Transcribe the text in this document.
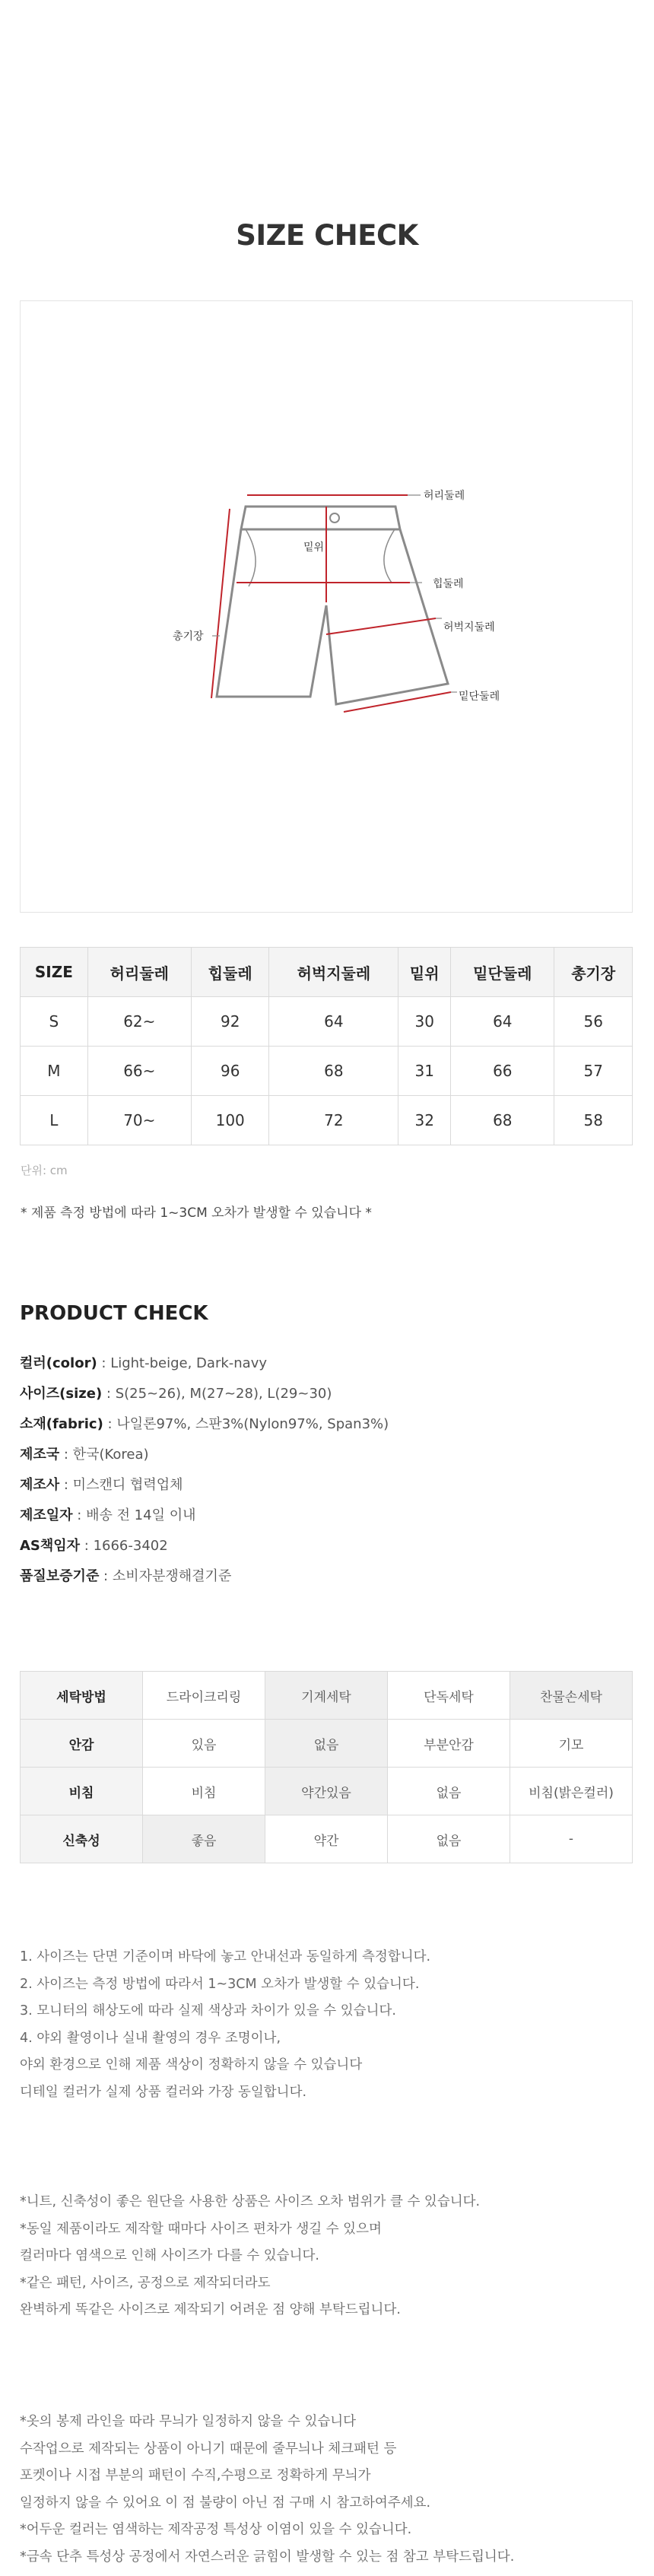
SIZE CHECK
허리둘레
밑위
힙둘레
허벅지둘레
밑단둘레
총기장
SIZE	허리둘레	힙둘레	허벅지둘레	밑위	밑단둘레	총기장
S	62~	92	64	30	64	56
M	66~	96	68	31	66	57
L	70~	100	72	32	68	58
단위: cm
* 제품 측정 방법에 따라 1~3CM 오차가 발생할 수 있습니다 *
PRODUCT CHECK
컬러(color) : Light-beige, Dark-navy
사이즈(size) : S(25~26), M(27~28), L(29~30)
소재(fabric) : 나일론97%, 스판3%(Nylon97%, Span3%)
제조국 : 한국(Korea)
제조사 : 미스캔디 협력업체
제조일자 : 배송 전 14일 이내
AS책임자 : 1666-3402
품질보증기준 : 소비자분쟁해결기준
세탁방법	드라이크리링	기계세탁	단독세탁	찬물손세탁
안감	있음	없음	부분안감	기모
비침	비침	약간있음	없음	비침(밝은컬러)
신축성	좋음	약간	없음	-
1. 사이즈는 단면 기준이며 바닥에 놓고 안내선과 동일하게 측정합니다.
2. 사이즈는 측정 방법에 따라서 1~3CM 오차가 발생할 수 있습니다.
3. 모니터의 해상도에 따라 실제 색상과 차이가 있을 수 있습니다.
4. 야외 촬영이나 실내 촬영의 경우 조명이나,
야외 환경으로 인해 제품 색상이 정확하지 않을 수 있습니다
디테일 컬러가 실제 상품 컬러와 가장 동일합니다.
*니트, 신축성이 좋은 원단을 사용한 상품은 사이즈 오차 범위가 클 수 있습니다.
*동일 제품이라도 제작할 때마다 사이즈 편차가 생길 수 있으며
컬러마다 염색으로 인해 사이즈가 다를 수 있습니다.
*같은 패턴, 사이즈, 공정으로 제작되더라도
완벽하게 똑같은 사이즈로 제작되기 어려운 점 양해 부탁드립니다.
*옷의 봉제 라인을 따라 무늬가 일정하지 않을 수 있습니다
수작업으로 제작되는 상품이 아니기 때문에 줄무늬나 체크패턴 등
포켓이나 시접 부분의 패턴이 수직,수평으로 정확하게 무늬가
일정하지 않을 수 있어요 이 점 불량이 아닌 점 구매 시 참고하여주세요.
*어두운 컬러는 염색하는 제작공정 특성상 이염이 있을 수 있습니다.
*금속 단추 특성상 공정에서 자연스러운 긁힘이 발생할 수 있는 점 참고 부탁드립니다.
